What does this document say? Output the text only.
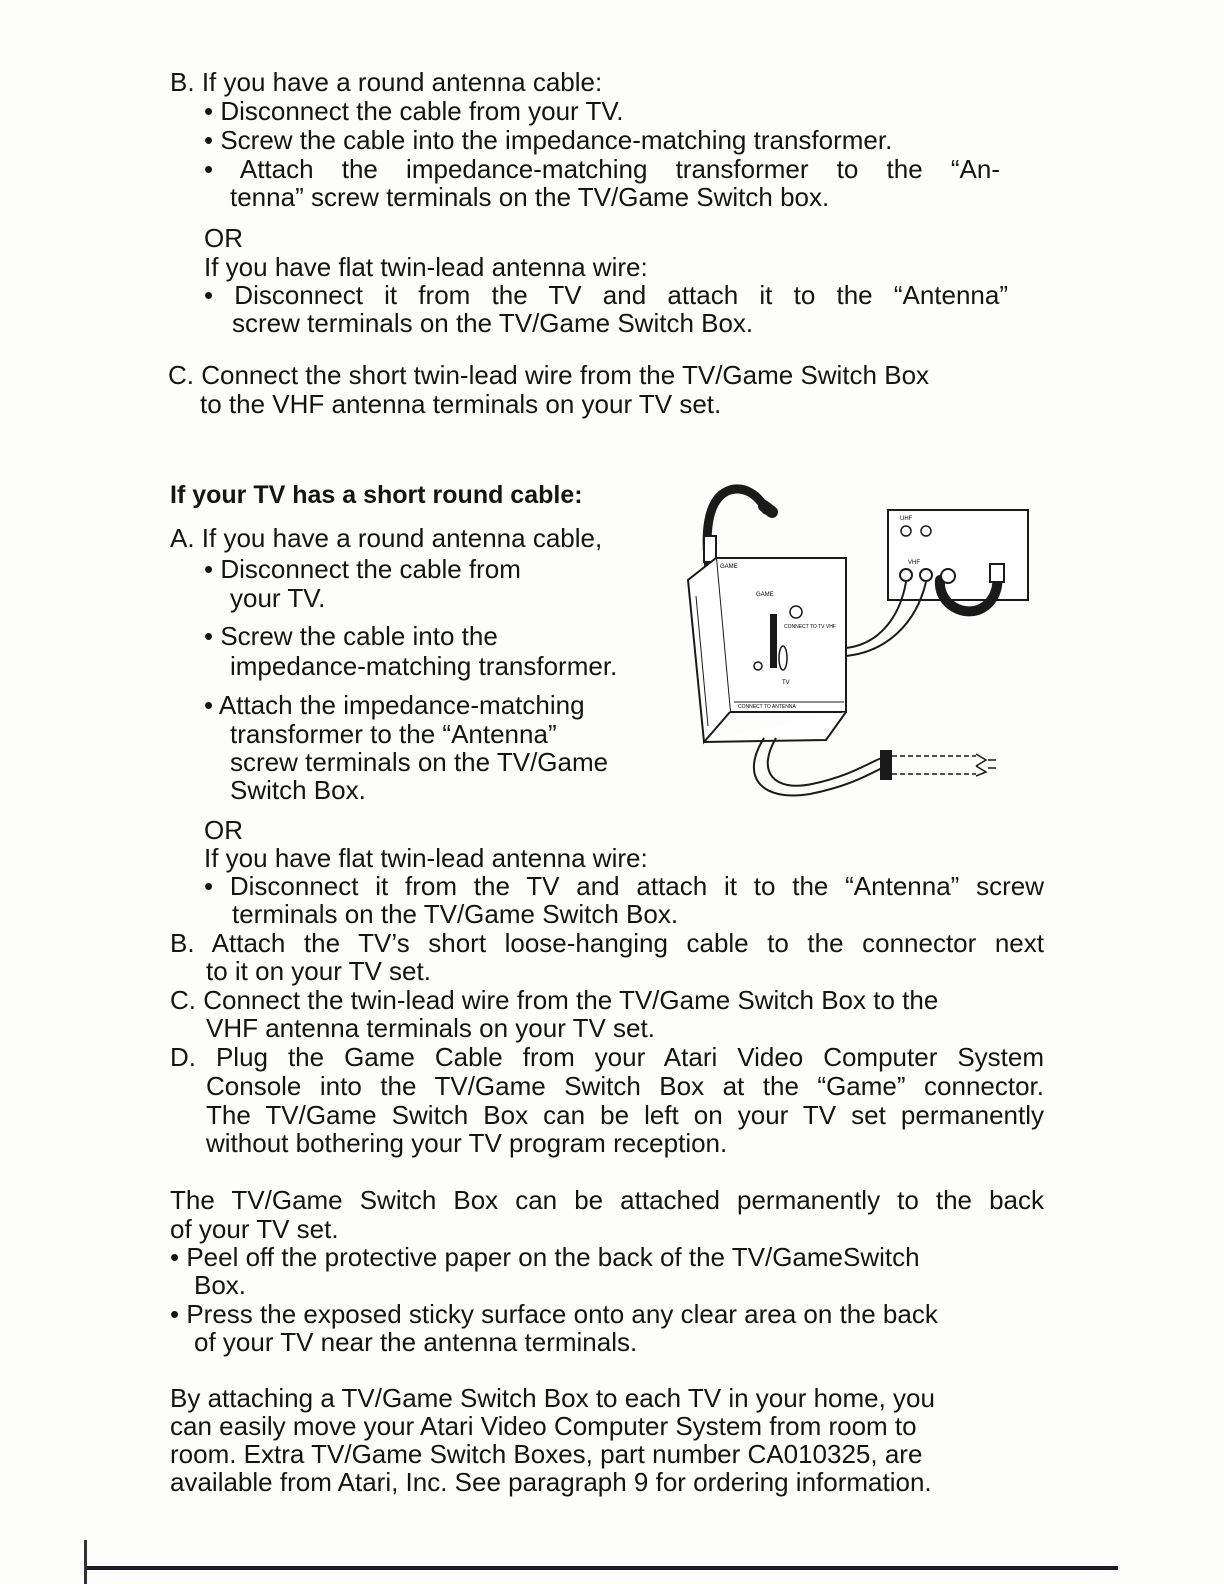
B. If you have a round antenna cable:
• Disconnect the cable from your TV.
• Screw the cable into the impedance-matching transformer.
• Attach the impedance-matching transformer to the “An-
tenna” screw terminals on the TV/Game Switch box.
OR
If you have flat twin-lead antenna wire:
• Disconnect it from the TV and attach it to the “Antenna”
screw terminals on the TV/Game Switch Box.
C. Connect the short twin-lead wire from the TV/Game Switch Box
to the VHF antenna terminals on your TV set.
If your TV has a short round cable:
A. If you have a round antenna cable,
• Disconnect the cable from
your TV.
• Screw the cable into the
impedance-matching transformer.
• Attach the impedance-matching
transformer to the “Antenna”
screw terminals on the TV/Game
Switch Box.
OR
If you have flat twin-lead antenna wire:
• Disconnect it from the TV and attach it to the “Antenna” screw
terminals on the TV/Game Switch Box.
B. Attach the TV’s short loose-hanging cable to the connector next
to it on your TV set.
C. Connect the twin-lead wire from the TV/Game Switch Box to the
VHF antenna terminals on your TV set.
D. Plug the Game Cable from your Atari Video Computer System
Console into the TV/Game Switch Box at the “Game” connector.
The TV/Game Switch Box can be left on your TV set permanently
without bothering your TV program reception.
The TV/Game Switch Box can be attached permanently to the back
of your TV set.
• Peel off the protective paper on the back of the TV/GameSwitch
Box.
• Press the exposed sticky surface onto any clear area on the back
of your TV near the antenna terminals.
By attaching a TV/Game Switch Box to each TV in your home, you
can easily move your Atari Video Computer System from room to
room. Extra TV/Game Switch Boxes, part number CA010325, are
available from Atari, Inc. See paragraph 9 for ordering information.
GAME
GAME
CONNECT TO TV VHF
TV
CONNECT TO ANTENNA
UHF
VHF
